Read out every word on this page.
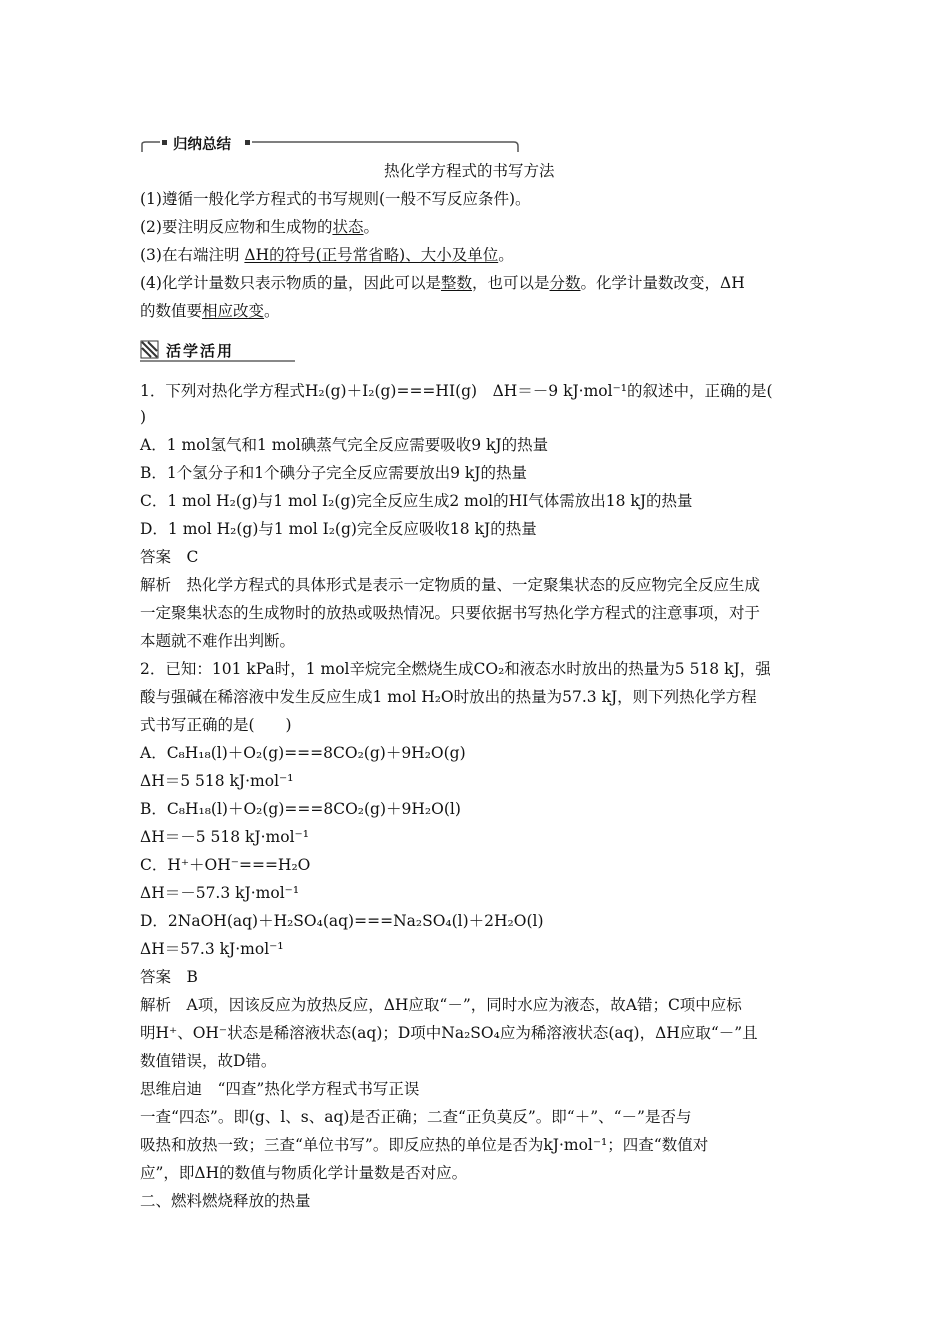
归纳总结
热化学方程式的书写方法
(1)遵循一般化学方程式的书写规则(一般不写反应条件)。
(2)要注明反应物和生成物的状态。
(3)在右端注明 ΔH的符号(正号常省略)、大小及单位。
(4)化学计量数只表示物质的量，因此可以是整数，也可以是分数。化学计量数改变，ΔH
的数值要相应改变。
活学活用
1．下列对热化学方程式H₂(g)＋I₂(g)===HI(g)　ΔH＝－9 kJ·mol⁻¹的叙述中，正确的是(
)
A．1 mol氢气和1 mol碘蒸气完全反应需要吸收9 kJ的热量
B．1个氢分子和1个碘分子完全反应需要放出9 kJ的热量
C．1 mol H₂(g)与1 mol I₂(g)完全反应生成2 mol的HI气体需放出18 kJ的热量
D．1 mol H₂(g)与1 mol I₂(g)完全反应吸收18 kJ的热量
答案　C
解析　热化学方程式的具体形式是表示一定物质的量、一定聚集状态的反应物完全反应生成
一定聚集状态的生成物时的放热或吸热情况。只要依据书写热化学方程式的注意事项，对于
本题就不难作出判断。
2．已知：101 kPa时，1 mol辛烷完全燃烧生成CO₂和液态水时放出的热量为5 518 kJ，强
酸与强碱在稀溶液中发生反应生成1 mol H₂O时放出的热量为57.3 kJ，则下列热化学方程
式书写正确的是(　　)
A．C₈H₁₈(l)＋O₂(g)===8CO₂(g)＋9H₂O(g)
ΔH＝5 518 kJ·mol⁻¹
B．C₈H₁₈(l)＋O₂(g)===8CO₂(g)＋9H₂O(l)
ΔH＝－5 518 kJ·mol⁻¹
C．H⁺＋OH⁻===H₂O
ΔH＝－57.3 kJ·mol⁻¹
D．2NaOH(aq)＋H₂SO₄(aq)===Na₂SO₄(l)＋2H₂O(l)
ΔH＝57.3 kJ·mol⁻¹
答案　B
解析　A项，因该反应为放热反应，ΔH应取“－”，同时水应为液态，故A错；C项中应标
明H⁺、OH⁻状态是稀溶液状态(aq)；D项中Na₂SO₄应为稀溶液状态(aq)，ΔH应取“－”且
数值错误，故D错。
思维启迪　“四查”热化学方程式书写正误
一查“四态”。即(g、l、s、aq)是否正确；二查“正负莫反”。即“＋”、“－”是否与
吸热和放热一致；三查“单位书写”。即反应热的单位是否为kJ·mol⁻¹；四查“数值对
应”，即ΔH的数值与物质化学计量数是否对应。
二、燃料燃烧释放的热量
